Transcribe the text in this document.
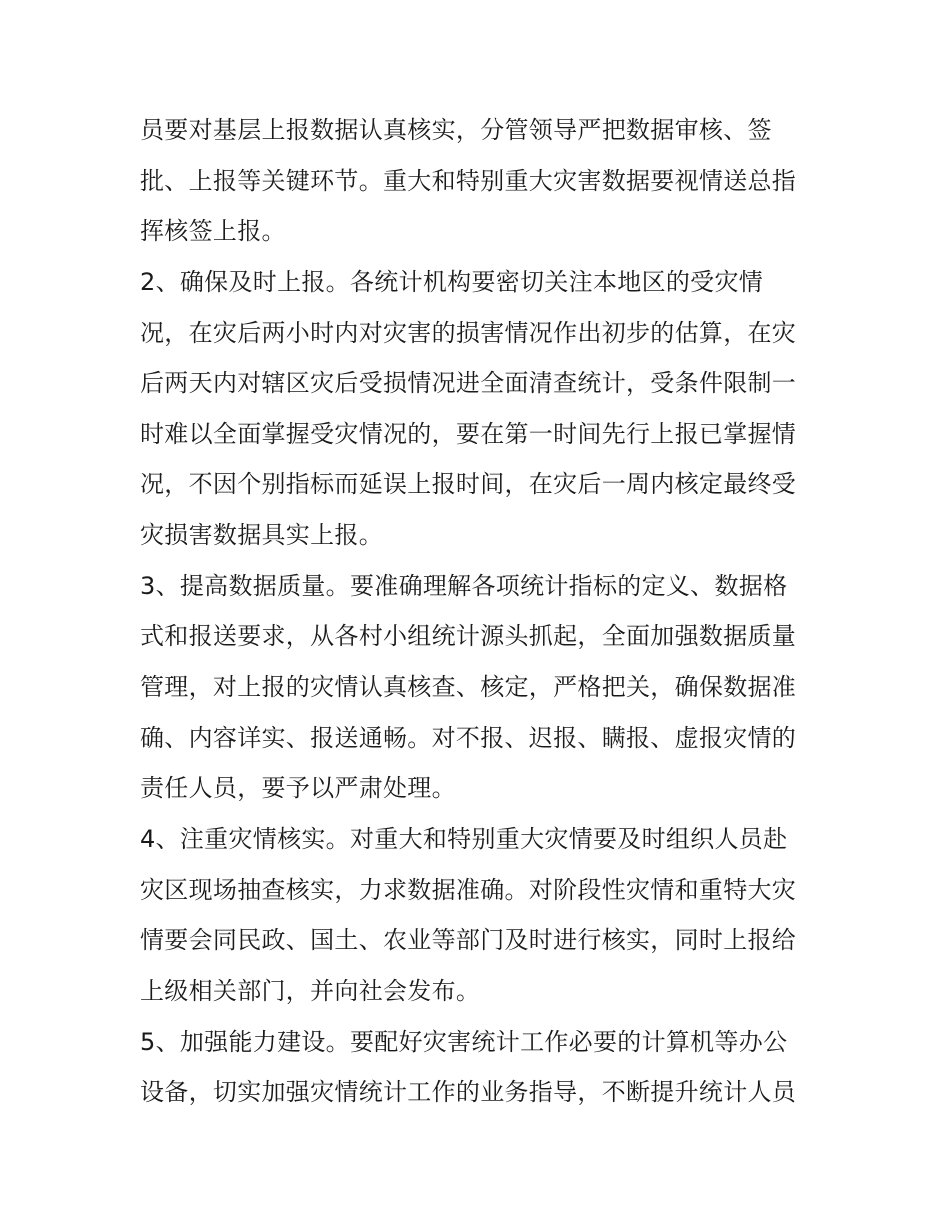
员要对基层上报数据认真核实，分管领导严把数据审核、签
批、上报等关键环节。重大和特别重大灾害数据要视情送总指
挥核签上报。
2、确保及时上报。各统计机构要密切关注本地区的受灾情
况，在灾后两小时内对灾害的损害情况作出初步的估算，在灾
后两天内对辖区灾后受损情况进全面清查统计，受条件限制一
时难以全面掌握受灾情况的，要在第一时间先行上报已掌握情
况，不因个别指标而延误上报时间，在灾后一周内核定最终受
灾损害数据具实上报。
3、提高数据质量。要准确理解各项统计指标的定义、数据格
式和报送要求，从各村小组统计源头抓起，全面加强数据质量
管理，对上报的灾情认真核查、核定，严格把关，确保数据准
确、内容详实、报送通畅。对不报、迟报、瞒报、虚报灾情的
责任人员，要予以严肃处理。
4、注重灾情核实。对重大和特别重大灾情要及时组织人员赴
灾区现场抽查核实，力求数据准确。对阶段性灾情和重特大灾
情要会同民政、国土、农业等部门及时进行核实，同时上报给
上级相关部门，并向社会发布。
5、加强能力建设。要配好灾害统计工作必要的计算机等办公
设备，切实加强灾情统计工作的业务指导，不断提升统计人员
